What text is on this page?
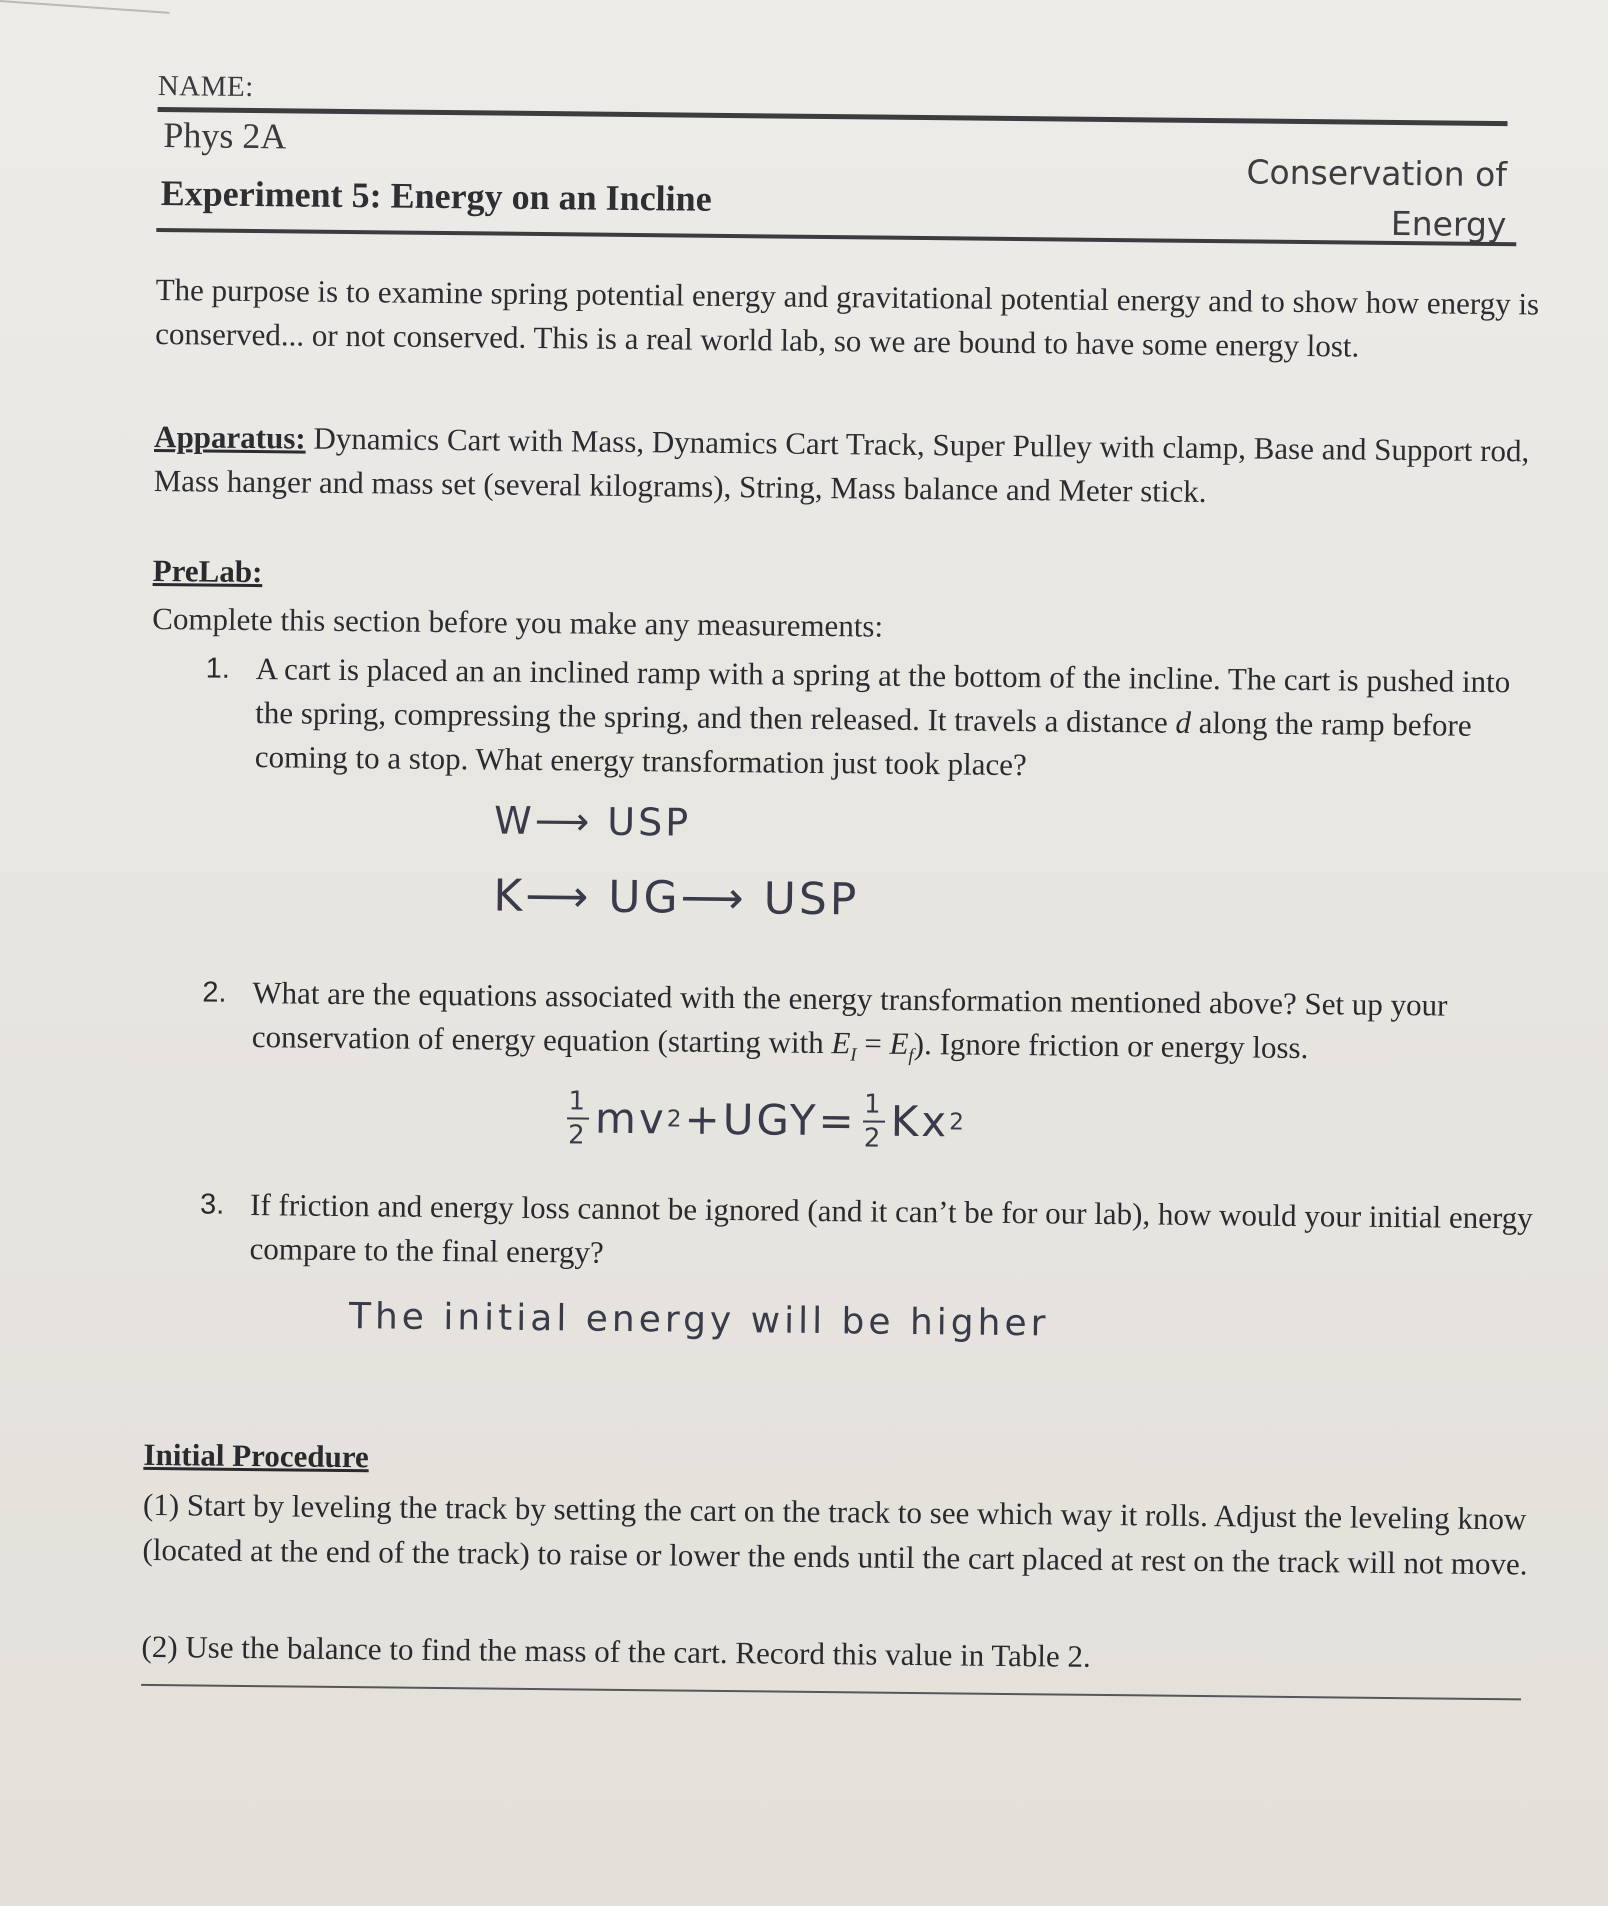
NAME:
Phys 2A
Experiment 5: Energy on an Incline	Conservation of
Energy

The purpose is to examine spring potential energy and gravitational potential energy and to show how energy is conserved... or not conserved. This is a real world lab, so we are bound to have some energy lost.

Apparatus: Dynamics Cart with Mass, Dynamics Cart Track, Super Pulley with clamp, Base and Support rod, Mass hanger and mass set (several kilograms), String, Mass balance and Meter stick.

PreLab:
Complete this section before you make any measurements:
1. A cart is placed an an inclined ramp with a spring at the bottom of the incline. The cart is pushed into the spring, compressing the spring, and then released. It travels a distance d along the ramp before coming to a stop. What energy transformation just took place?
W⟶ USP
K⟶ UG⟶ USP
2. What are the equations associated with the energy transformation mentioned above? Set up your conservation of energy equation (starting with $E_I = E_f$). Ignore friction or energy loss.
$\frac{1}{2}$ mv $2 +UGY= \frac{1}{2}$ Kx 2
3. If friction and energy loss cannot be ignored (and it can’t be for our lab), how would your initial energy compare to the final energy?
The initial energy will be higher
Initial Procedure
(1) Start by leveling the track by setting the cart on the track to see which way it rolls. Adjust the leveling know (located at the end of the track) to raise or lower the ends until the cart placed at rest on the track will not move.
(2) Use the balance to find the mass of the cart. Record this value in Table 2.
